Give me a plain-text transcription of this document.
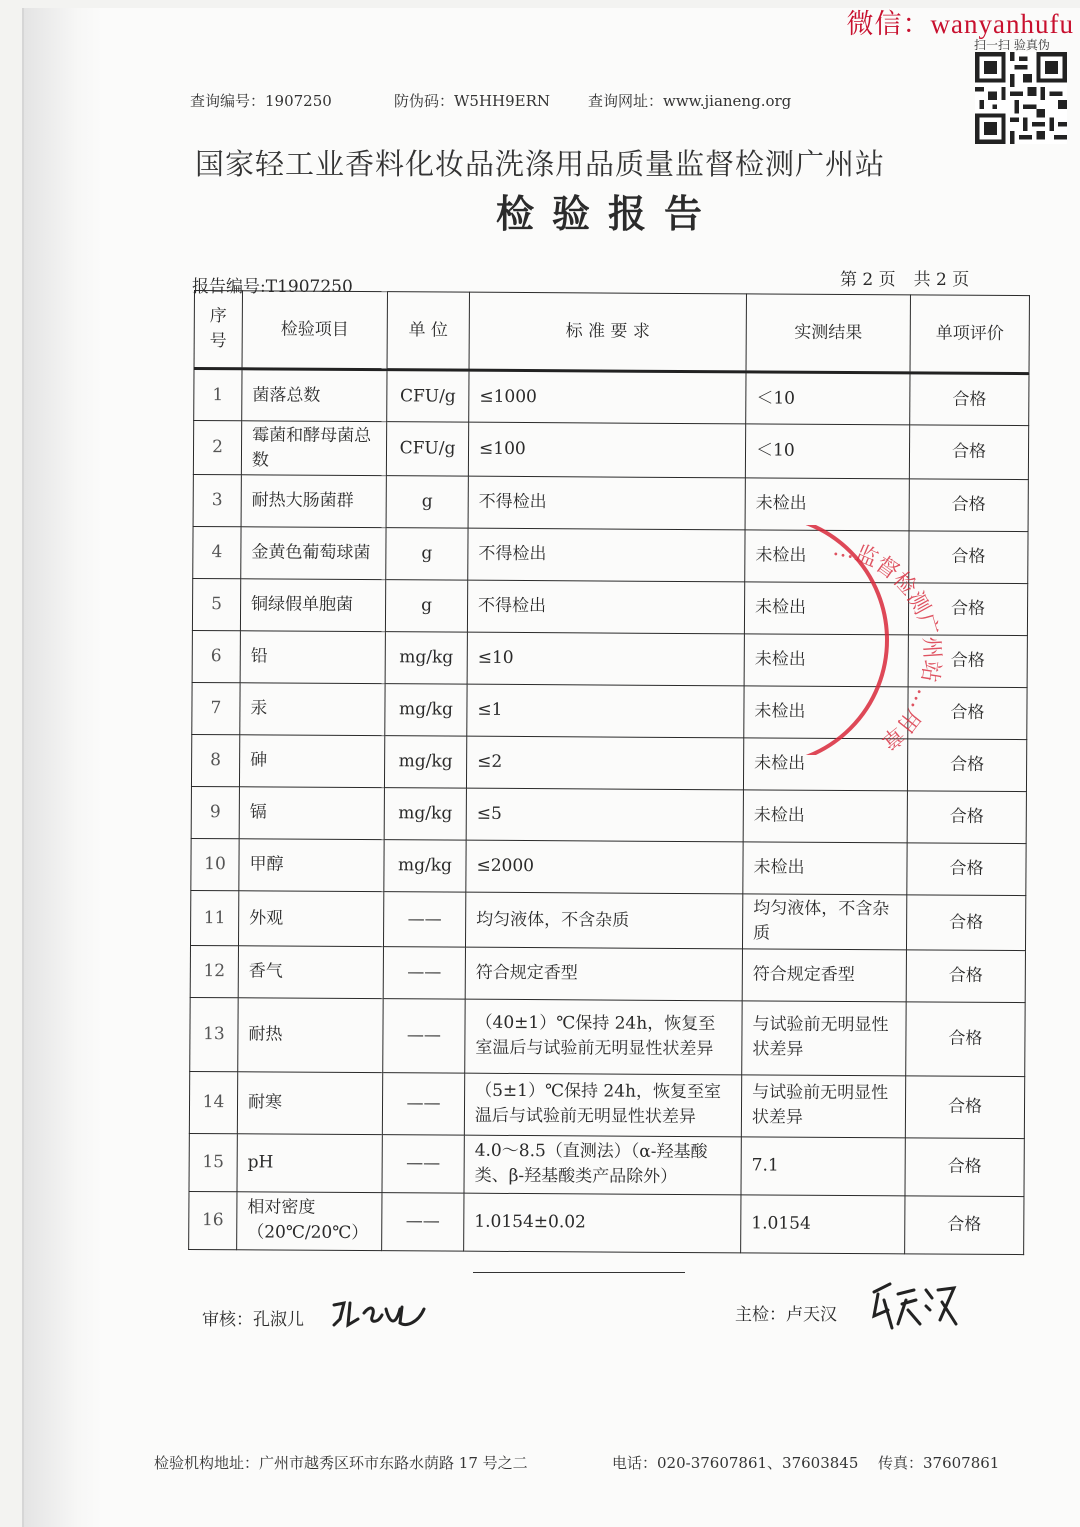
微信：wanyanhufu
扫一扫 验真伪
查询编号：1907250	防伪码：W5HH9ERN	查询网址：www.jianeng.org
国家轻工业香料化妆品洗涤用品质量监督检测广州站
检验报告
报告编号:T1907250	第 2 页 共 2 页
序号	检验项目	单 位	标 准 要 求	实测结果	单项评价
1	菌落总数	CFU/g	≤1000	＜10	合格
2	霉菌和酵母菌总数	CFU/g	≤100	＜10	合格
3	耐热大肠菌群	g	不得检出	未检出	合格
4	金黄色葡萄球菌	g	不得检出	未检出	合格
5	铜绿假单胞菌	g	不得检出	未检出	合格
6	铅	mg/kg	≤10	未检出	合格
7	汞	mg/kg	≤1	未检出	合格
8	砷	mg/kg	≤2	未检出	合格
9	镉	mg/kg	≤5	未检出	合格
10	甲醇	mg/kg	≤2000	未检出	合格
11	外观	——	均匀液体，不含杂质	均匀液体，不含杂质	合格
12	香气	——	符合规定香型	符合规定香型	合格
13	耐热	——	（40±1）℃保持 24h，恢复至室温后与试验前无明显性状差异	与试验前无明显性状差异	合格
14	耐寒	——	（5±1）℃保持 24h，恢复至室温后与试验前无明显性状差异	与试验前无明显性状差异	合格
15	pH	——	4.0～8.5（直测法）（α-羟基酸类、β-羟基酸类产品除外）	7.1	合格
16	相对密度（20℃/20℃）	——	1.0154±0.02	1.0154	合格
…监督检测广州站 …用章
审核：孔淑儿	主检：卢天汉
检验机构地址：广州市越秀区环市东路水荫路 17 号之二	电话：020-37607861、37603845 传真：37607861
